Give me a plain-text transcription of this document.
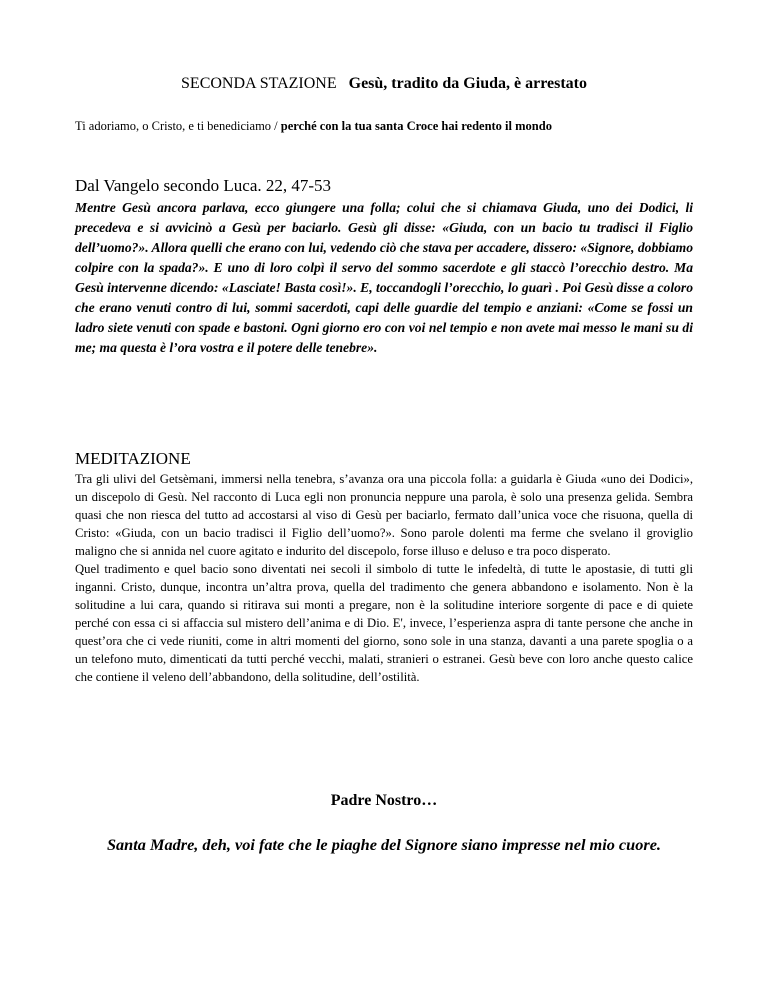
SECONDA STAZIONE Gesù, tradito da Giuda, è arrestato
Ti adoriamo, o Cristo, e ti benediciamo / perché con la tua santa Croce hai redento il mondo
Dal Vangelo secondo Luca. 22, 47-53
Mentre Gesù ancora parlava, ecco giungere una folla; colui che si chiamava Giuda, uno dei Dodici, li precedeva e si avvicinò a Gesù per baciarlo. Gesù gli disse: «Giuda, con un bacio tu tradisci il Figlio dell’uomo?». Allora quelli che erano con lui, vedendo ciò che stava per accadere, dissero: «Signore, dobbiamo colpire con la spada?». E uno di loro colpì il servo del sommo sacerdote e gli staccò l’orecchio destro. Ma Gesù intervenne dicendo: «Lasciate! Basta così!». E, toccandogli l’orecchio, lo guarì . Poi Gesù disse a coloro che erano venuti contro di lui, sommi sacerdoti, capi delle guardie del tempio e anziani: «Come se fossi un ladro siete venuti con spade e bastoni. Ogni giorno ero con voi nel tempio e non avete mai messo le mani su di me; ma questa è l’ora vostra e il potere delle tenebre».
MEDITAZIONE

Tra gli ulivi del Getsèmani, immersi nella tenebra, s’avanza ora una piccola folla: a guidarla è Giuda «uno dei Dodici», un discepolo di Gesù. Nel racconto di Luca egli non pronuncia neppure una parola, è solo una presenza gelida. Sembra quasi che non riesca del tutto ad accostarsi al viso di Gesù per baciarlo, fermato dall’unica voce che risuona, quella di Cristo: «Giuda, con un bacio tradisci il Figlio dell’uomo?». Sono parole dolenti ma ferme che svelano il groviglio maligno che si annida nel cuore agitato e indurito del discepolo, forse illuso e deluso e tra poco disperato.

Quel tradimento e quel bacio sono diventati nei secoli il simbolo di tutte le infedeltà, di tutte le apostasie, di tutti gli inganni. Cristo, dunque, incontra un’altra prova, quella del tradimento che genera abbandono e isolamento. Non è la solitudine a lui cara, quando si ritirava sui monti a pregare, non è la solitudine interiore sorgente di pace e di quiete perché con essa ci si affaccia sul mistero dell’anima e di Dio. E', invece, l’esperienza aspra di tante persone che anche in quest’ora che ci vede riuniti, come in altri momenti del giorno, sono sole in una stanza, davanti a una parete spoglia o a un telefono muto, dimenticati da tutti perché vecchi, malati, stranieri o estranei. Gesù beve con loro anche questo calice che contiene il veleno dell’abbandono, della solitudine, dell’ostilità.

Padre Nostro…
Santa Madre, deh, voi fate che le piaghe del Signore siano impresse nel mio cuore.
